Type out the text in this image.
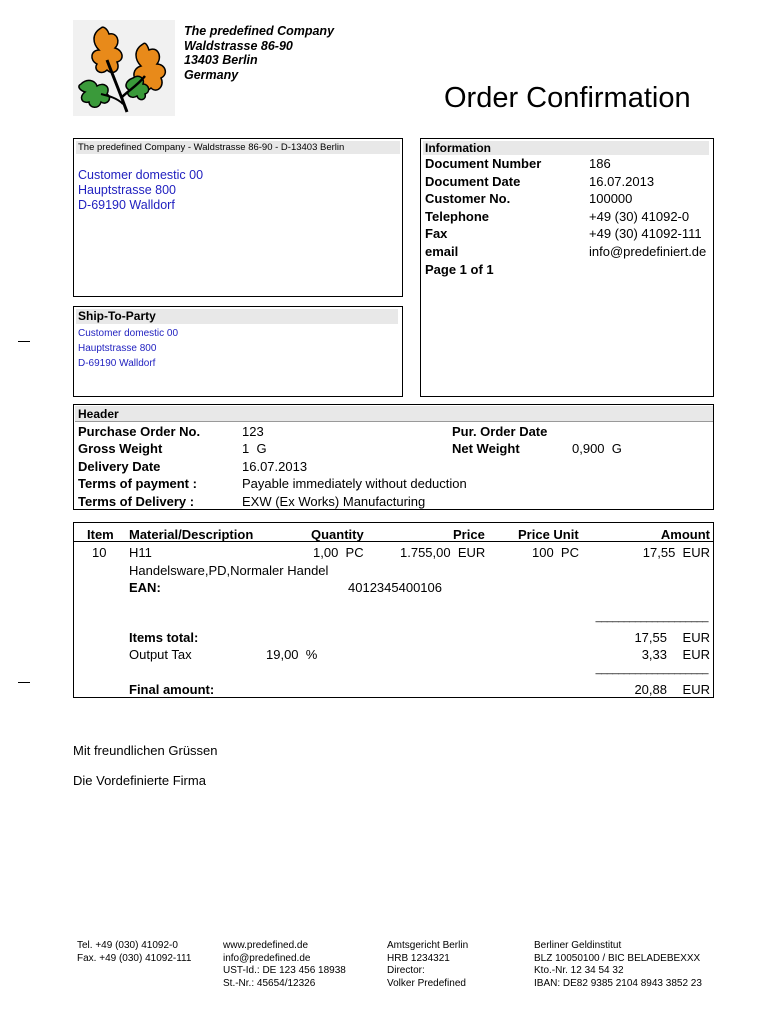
The predefined Company
Waldstrasse 86-90
13403 Berlin
Germany
Order Confirmation
The predefined Company - Waldstrasse 86-90 - D-13403 Berlin
Customer domestic 00
Hauptstrasse 800
D-69190 Walldorf
Ship-To-Party
Customer domestic 00
Hauptstrasse 800
D-69190 Walldorf
Information
Document Number	186
Document Date	16.07.2013
Customer No.	100000
Telephone	+49 (30) 41092-0
Fax	+49 (30) 41092-111
email	info@predefiniert.de
Page 1 of 1
Header
Purchase Order No.	123	Pur. Order Date
Gross Weight	1  G	Net Weight	0,900  G
Delivery Date	16.07.2013
Terms of payment :	Payable immediately without deduction
Terms of Delivery :	EXW (Ex Works) Manufacturing
Item Material/Description	Quantity	Price	Price Unit	Amount
10 H11	1,00  PC	1.755,00  EUR	100  PC	17,55  EUR
Handelsware,PD,Normaler Handel
EAN:	4012345400106
____________________
Items total:	17,55 EUR
Output Tax	19,00  %	3,33 EUR
____________________
Final amount:	20,88 EUR
Mit freundlichen Grüssen
Die Vordefinierte Firma
Tel. +49 (030) 41092-0
Fax. +49 (030) 41092-111
www.predefined.de
info@predefined.de
UST-Id.: DE 123 456 18938
St.-Nr.: 45654/12326
Amtsgericht Berlin
HRB 1234321
Director:
Volker Predefined
Berliner Geldinstitut
BLZ 10050100 / BIC BELADEBEXXX
Kto.-Nr. 12 34 54 32
IBAN: DE82 9385 2104 8943 3852 23
